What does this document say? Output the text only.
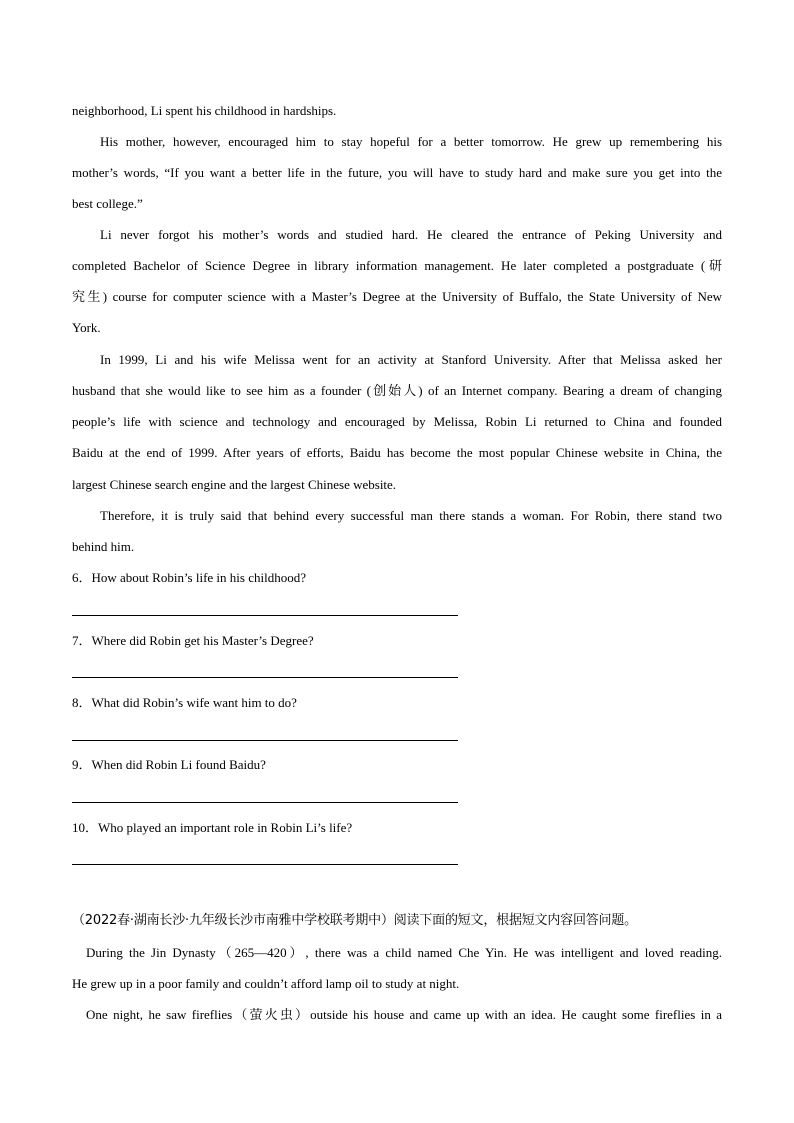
neighborhood, Li spent his childhood in hardships.
His mother, however, encouraged him to stay hopeful for a better tomorrow. He grew up remembering his
mother’s words, “If you want a better life in the future, you will have to study hard and make sure you get into the
best college.”
Li never forgot his mother’s words and studied hard. He cleared the entrance of Peking University and
completed Bachelor of Science Degree in library information management. He later completed a postgraduate (研
究生) course for computer science with a Master’s Degree at the University of Buffalo, the State University of New
York.
In 1999, Li and his wife Melissa went for an activity at Stanford University. After that Melissa asked her
husband that she would like to see him as a founder (创始人) of an Internet company. Bearing a dream of changing
people’s life with science and technology and encouraged by Melissa, Robin Li returned to China and founded
Baidu at the end of 1999. After years of efforts, Baidu has become the most popular Chinese website in China, the
largest Chinese search engine and the largest Chinese website.
Therefore, it is truly said that behind every successful man there stands a woman. For Robin, there stand two
behind him.
6．How about Robin’s life in his childhood?
7．Where did Robin get his Master’s Degree?
8．What did Robin’s wife want him to do?
9．When did Robin Li found Baidu?
10．Who played an important role in Robin Li’s life?
（2022春·湖南长沙·九年级长沙市南雅中学校联考期中）阅读下面的短文，根据短文内容回答问题。
During the Jin Dynasty（265—420）, there was a child named Che Yin. He was intelligent and loved reading.
He grew up in a poor family and couldn’t afford lamp oil to study at night.
One night, he saw fireflies（萤火虫）outside his house and came up with an idea. He caught some fireflies in a
